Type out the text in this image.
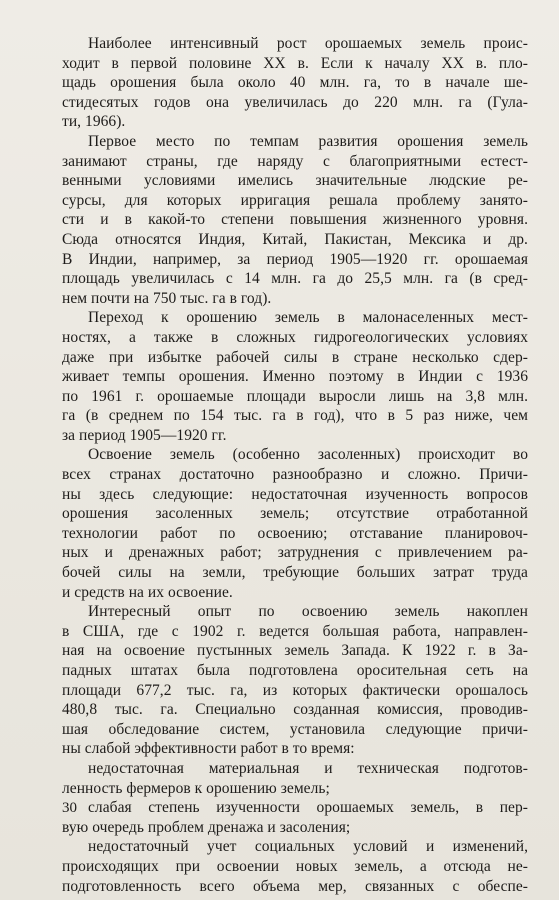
Наиболее интенсивный рост орошаемых земель проис-
ходит в первой половине XX в. Если к началу XX в. пло-
щадь орошения была около 40 млн. га, то в начале ше-
стидесятых годов она увеличилась до 220 млн. га (Гула-
ти, 1966).
Первое место по темпам развития орошения земель
занимают страны, где наряду с благоприятными естест-
венными условиями имелись значительные людские ре-
сурсы, для которых ирригация решала проблему занято-
сти и в какой-то степени повышения жизненного уровня.
Сюда относятся Индия, Китай, Пакистан, Мексика и др.
В Индии, например, за период 1905—1920 гг. орошаемая
площадь увеличилась с 14 млн. га до 25,5 млн. га (в сред-
нем почти на 750 тыс. га в год).
Переход к орошению земель в малонаселенных мест-
ностях, а также в сложных гидрогеологических условиях
даже при избытке рабочей силы в стране несколько сдер-
живает темпы орошения. Именно поэтому в Индии с 1936
по 1961 г. орошаемые площади выросли лишь на 3,8 млн.
га (в среднем по 154 тыс. га в год), что в 5 раз ниже, чем
за период 1905—1920 гг.
Освоение земель (особенно засоленных) происходит во
всех странах достаточно разнообразно и сложно. Причи-
ны здесь следующие: недостаточная изученность вопросов
орошения засоленных земель; отсутствие отработанной
технологии работ по освоению; отставание планировоч-
ных и дренажных работ; затруднения с привлечением ра-
бочей силы на земли, требующие больших затрат труда
и средств на их освоение.
Интересный опыт по освоению земель накоплен
в США, где с 1902 г. ведется большая работа, направлен-
ная на освоение пустынных земель Запада. К 1922 г. в За-
падных штатах была подготовлена оросительная сеть на
площади 677,2 тыс. га, из которых фактически орошалось
480,8 тыс. га. Специально созданная комиссия, проводив-
шая обследование систем, установила следующие причи-
ны слабой эффективности работ в то время:
недостаточная материальная и техническая подготов-
ленность фермеров к орошению земель;
слабая степень изученности орошаемых земель, в пер-
вую очередь проблем дренажа и засоления;
недостаточный учет социальных условий и изменений,
происходящих при освоении новых земель, а отсюда не-
подготовленность всего объема мер, связанных с обеспе-
30
